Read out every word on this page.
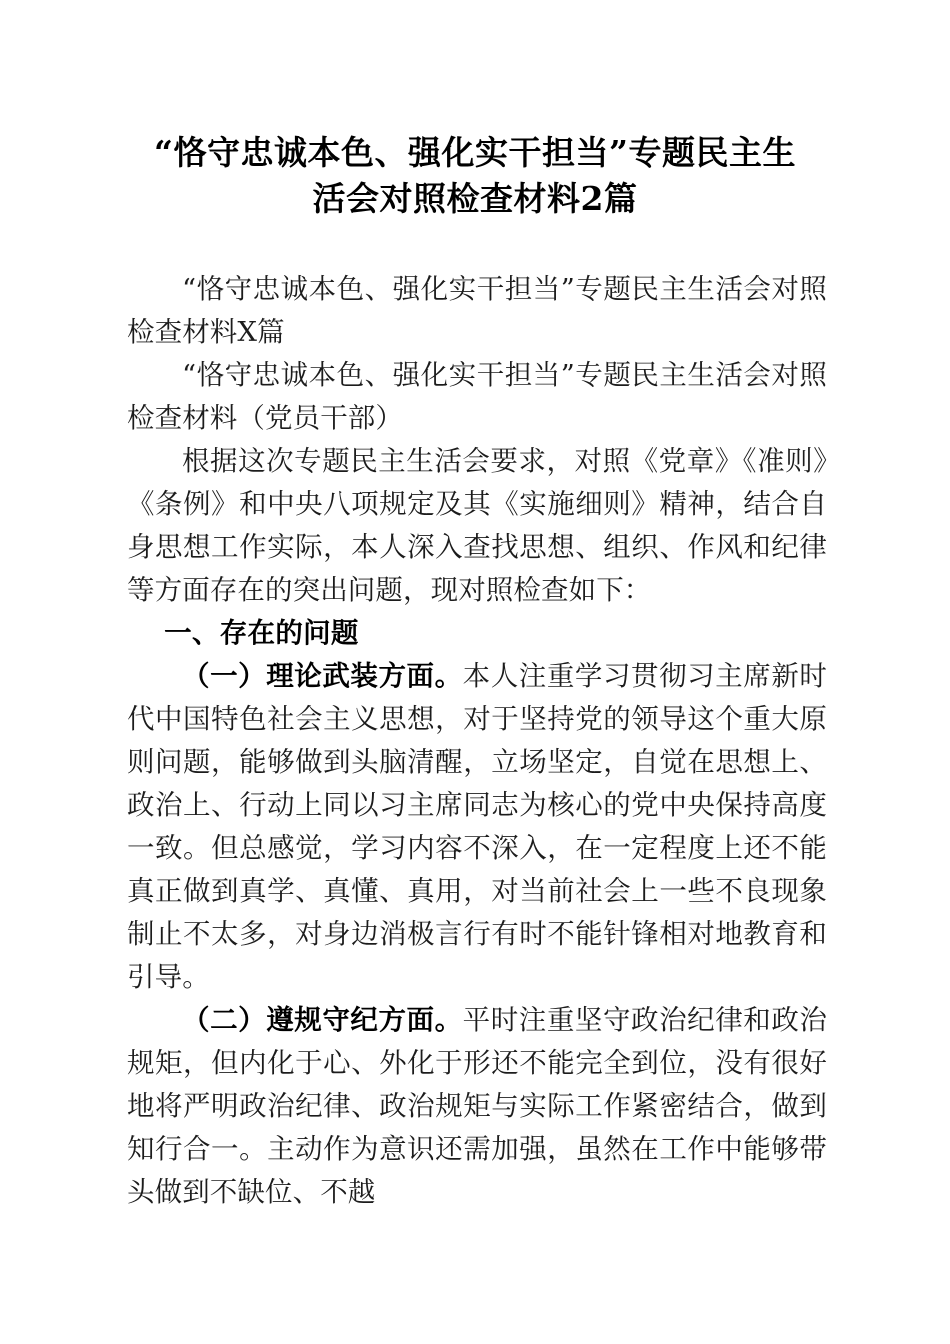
“恪守忠诚本色、强化实干担当”专题民主生
活会对照检查材料2篇

“恪守忠诚本色、强化实干担当”专题民主生活会对照检查材料X篇

“恪守忠诚本色、强化实干担当”专题民主生活会对照检查材料（党员干部）

根据这次专题民主生活会要求，对照《党章》《准则》《条例》和中央八项规定及其《实施细则》精神，结合自身思想工作实际，本人深入查找思想、组织、作风和纪律等方面存在的突出问题，现对照检查如下：

一、存在的问题

（一）理论武装方面。本人注重学习贯彻习主席新时代中国特色社会主义思想，对于坚持党的领导这个重大原则问题，能够做到头脑清醒，立场坚定，自觉在思想上、政治上、行动上同以习主席同志为核心的党中央保持高度一致。但总感觉，学习内容不深入，在一定程度上还不能真正做到真学、真懂、真用，对当前社会上一些不良现象制止不太多，对身边消极言行有时不能针锋相对地教育和引导。

（二）遵规守纪方面。平时注重坚守政治纪律和政治规矩，但内化于心、外化于形还不能完全到位，没有很好地将严明政治纪律、政治规矩与实际工作紧密结合，做到知行合一。主动作为意识还需加强，虽然在工作中能够带头做到不缺位、不越
